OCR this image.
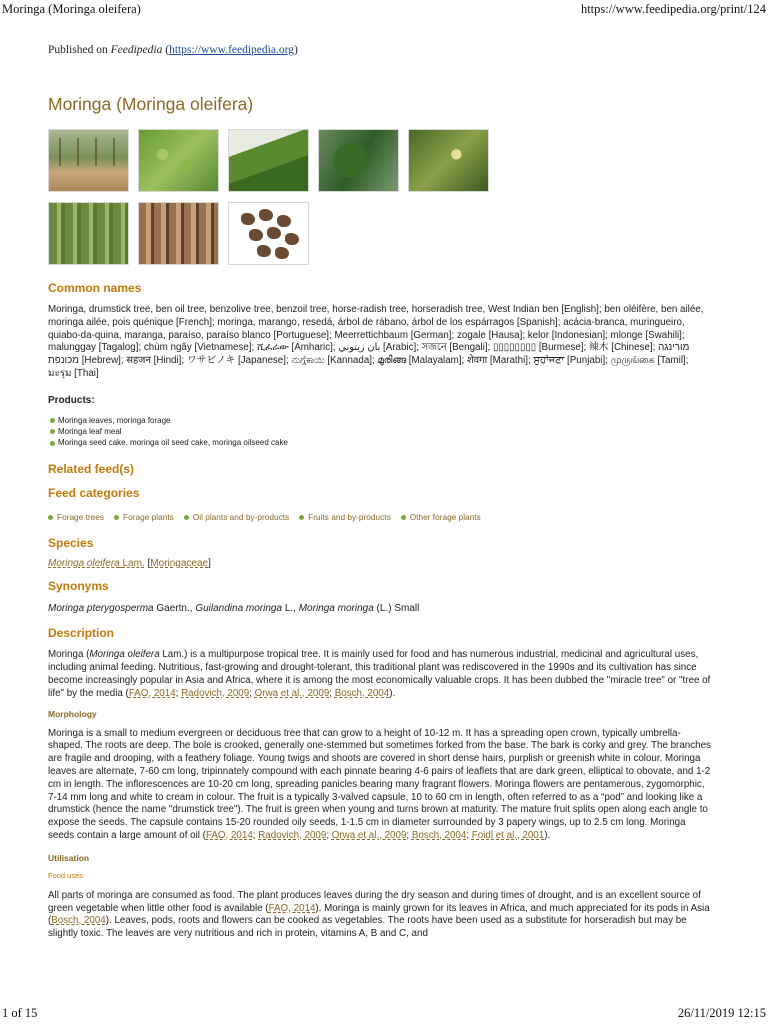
Moringa (Moringa oleifera)	https://www.feedipedia.org/print/124
Published on Feedipedia (https://www.feedipedia.org)
Moringa (Moringa oleifera)
Common names
Moringa, drumstick tree, ben oil tree, benzolive tree, benzoil tree, horse-radish tree, horseradish tree, West Indian ben [English]; ben oléifère, ben ailée, moringa ailée, pois quénique [French]; moringa, marango, resedá, árbol de rábano, árbol de los espárragos [Spanish]; acácia-branca, muringueiro, quiabo-da-quina, maranga, paraíso, paraíso blanco [Portuguese]; Meerrettichbaum [German]; zogale [Hausa]; kelor [Indonesian]; mlonge [Swahili]; malunggay [Tagalog]; chùm ngây [Vietnamese]; ሺፈራው [Amharic]; بان زيتوني [Arabic]; সজনে [Bengali]; ▯▯▯▯▯▯▯▯ [Burmese]; 辣木 [Chinese]; מורינגה מכונפת [Hebrew]; सहजन [Hindi]; ワサビノキ [Japanese]; ನುಗ್ಗೆಕಾಯಿ [Kannada]; മുരിങ്ങ [Malayalam]; शेवगा [Marathi]; ਸੁਹਾਂਜਣਾ [Punjabi]; முருங்கை [Tamil]; มะรุม [Thai]
Products:
Moringa leaves, moringa forage
Moringa leaf meal
Moringa seed cake, moringa oil seed cake, moringa oilseed cake
Related feed(s)
Feed categories
Forage trees	Forage plants	Oil plants and by-products	Fruits and by-products	Other forage plants
Species
Moringa oleifera Lam. [Moringaceae]
Synonyms
Moringa pterygosperma Gaertn., Guilandina moringa L., Moringa moringa (L.) Small
Description
Moringa (Moringa oleifera Lam.) is a multipurpose tropical tree. It is mainly used for food and has numerous industrial, medicinal and agricultural uses, including animal feeding. Nutritious, fast-growing and drought-tolerant, this traditional plant was rediscovered in the 1990s and its cultivation has since become increasingly popular in Asia and Africa, where it is among the most economically valuable crops. It has been dubbed the "miracle tree" or "tree of life" by the media (FAO, 2014; Radovich, 2009; Orwa et al., 2009; Bosch, 2004).
Morphology
Moringa is a small to medium evergreen or deciduous tree that can grow to a height of 10-12 m. It has a spreading open crown, typically umbrella-shaped. The roots are deep. The bole is crooked, generally one-stemmed but sometimes forked from the base. The bark is corky and grey. The branches are fragile and drooping, with a feathery foliage. Young twigs and shoots are covered in short dense hairs, purplish or greenish white in colour. Moringa leaves are alternate, 7-60 cm long, tripinnately compound with each pinnate bearing 4-6 pairs of leaflets that are dark green, elliptical to obovate, and 1-2 cm in length. The inflorescences are 10-20 cm long, spreading panicles bearing many fragrant flowers. Moringa flowers are pentamerous, zygomorphic, 7-14 mm long and white to cream in colour. The fruit is a typically 3-valved capsule, 10 to 60 cm in length, often referred to as a “pod” and looking like a drumstick (hence the name "drumstick tree"). The fruit is green when young and turns brown at maturity. The mature fruit splits open along each angle to expose the seeds. The capsule contains 15-20 rounded oily seeds, 1-1.5 cm in diameter surrounded by 3 papery wings, up to 2.5 cm long. Moringa seeds contain a large amount of oil (FAO, 2014; Radovich, 2009; Orwa et al., 2009; Bosch, 2004; Foidl et al., 2001).
Utilisation
Food uses
All parts of moringa are consumed as food. The plant produces leaves during the dry season and during times of drought, and is an excellent source of green vegetable when little other food is available (FAO, 2014). Moringa is mainly grown for its leaves in Africa, and much appreciated for its pods in Asia (Bosch, 2004). Leaves, pods, roots and flowers can be cooked as vegetables. The roots have been used as a substitute for horseradish but may be slightly toxic. The leaves are very nutritious and rich in protein, vitamins A, B and C, and
1 of 15	26/11/2019 12:15
